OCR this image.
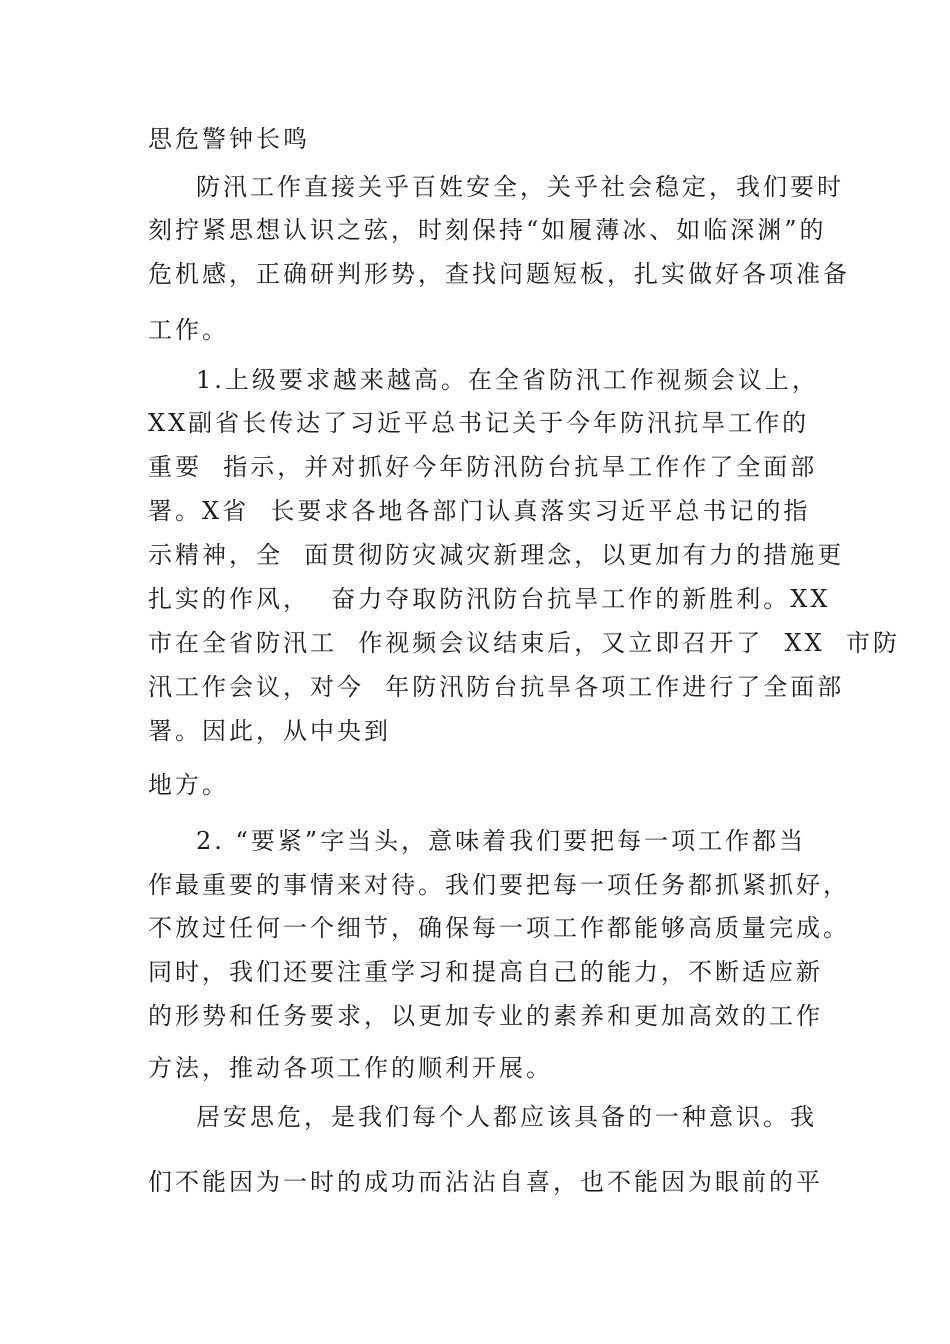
思危警钟长鸣
防汛工作直接关乎百姓安全，关乎社会稳定，我们要时
刻拧紧思想认识之弦，时刻保持“如履薄冰、如临深渊”的
危机感，正确研判形势，查找问题短板，扎实做好各项准备
工作。
1.上级要求越来越高。在全省防汛工作视频会议上，
XX副省长传达了习近平总书记关于今年防汛抗旱工作的
重要  指示，并对抓好今年防汛防台抗旱工作作了全面部
署。X省  长要求各地各部门认真落实习近平总书记的指
示精神，全  面贯彻防灾减灾新理念，以更加有力的措施更
扎实的作风，  奋力夺取防汛防台抗旱工作的新胜利。XX
市在全省防汛工  作视频会议结束后，又立即召开了  XX  市防
汛工作会议，对今  年防汛防台抗旱各项工作进行了全面部
署。因此，从中央到
地方。
2. “要紧”字当头，意味着我们要把每一项工作都当
作最重要的事情来对待。我们要把每一项任务都抓紧抓好，
不放过任何一个细节，确保每一项工作都能够高质量完成。
同时，我们还要注重学习和提高自己的能力，不断适应新
的形势和任务要求，以更加专业的素养和更加高效的工作
方法，推动各项工作的顺利开展。
居安思危，是我们每个人都应该具备的一种意识。我
们不能因为一时的成功而沾沾自喜，也不能因为眼前的平
